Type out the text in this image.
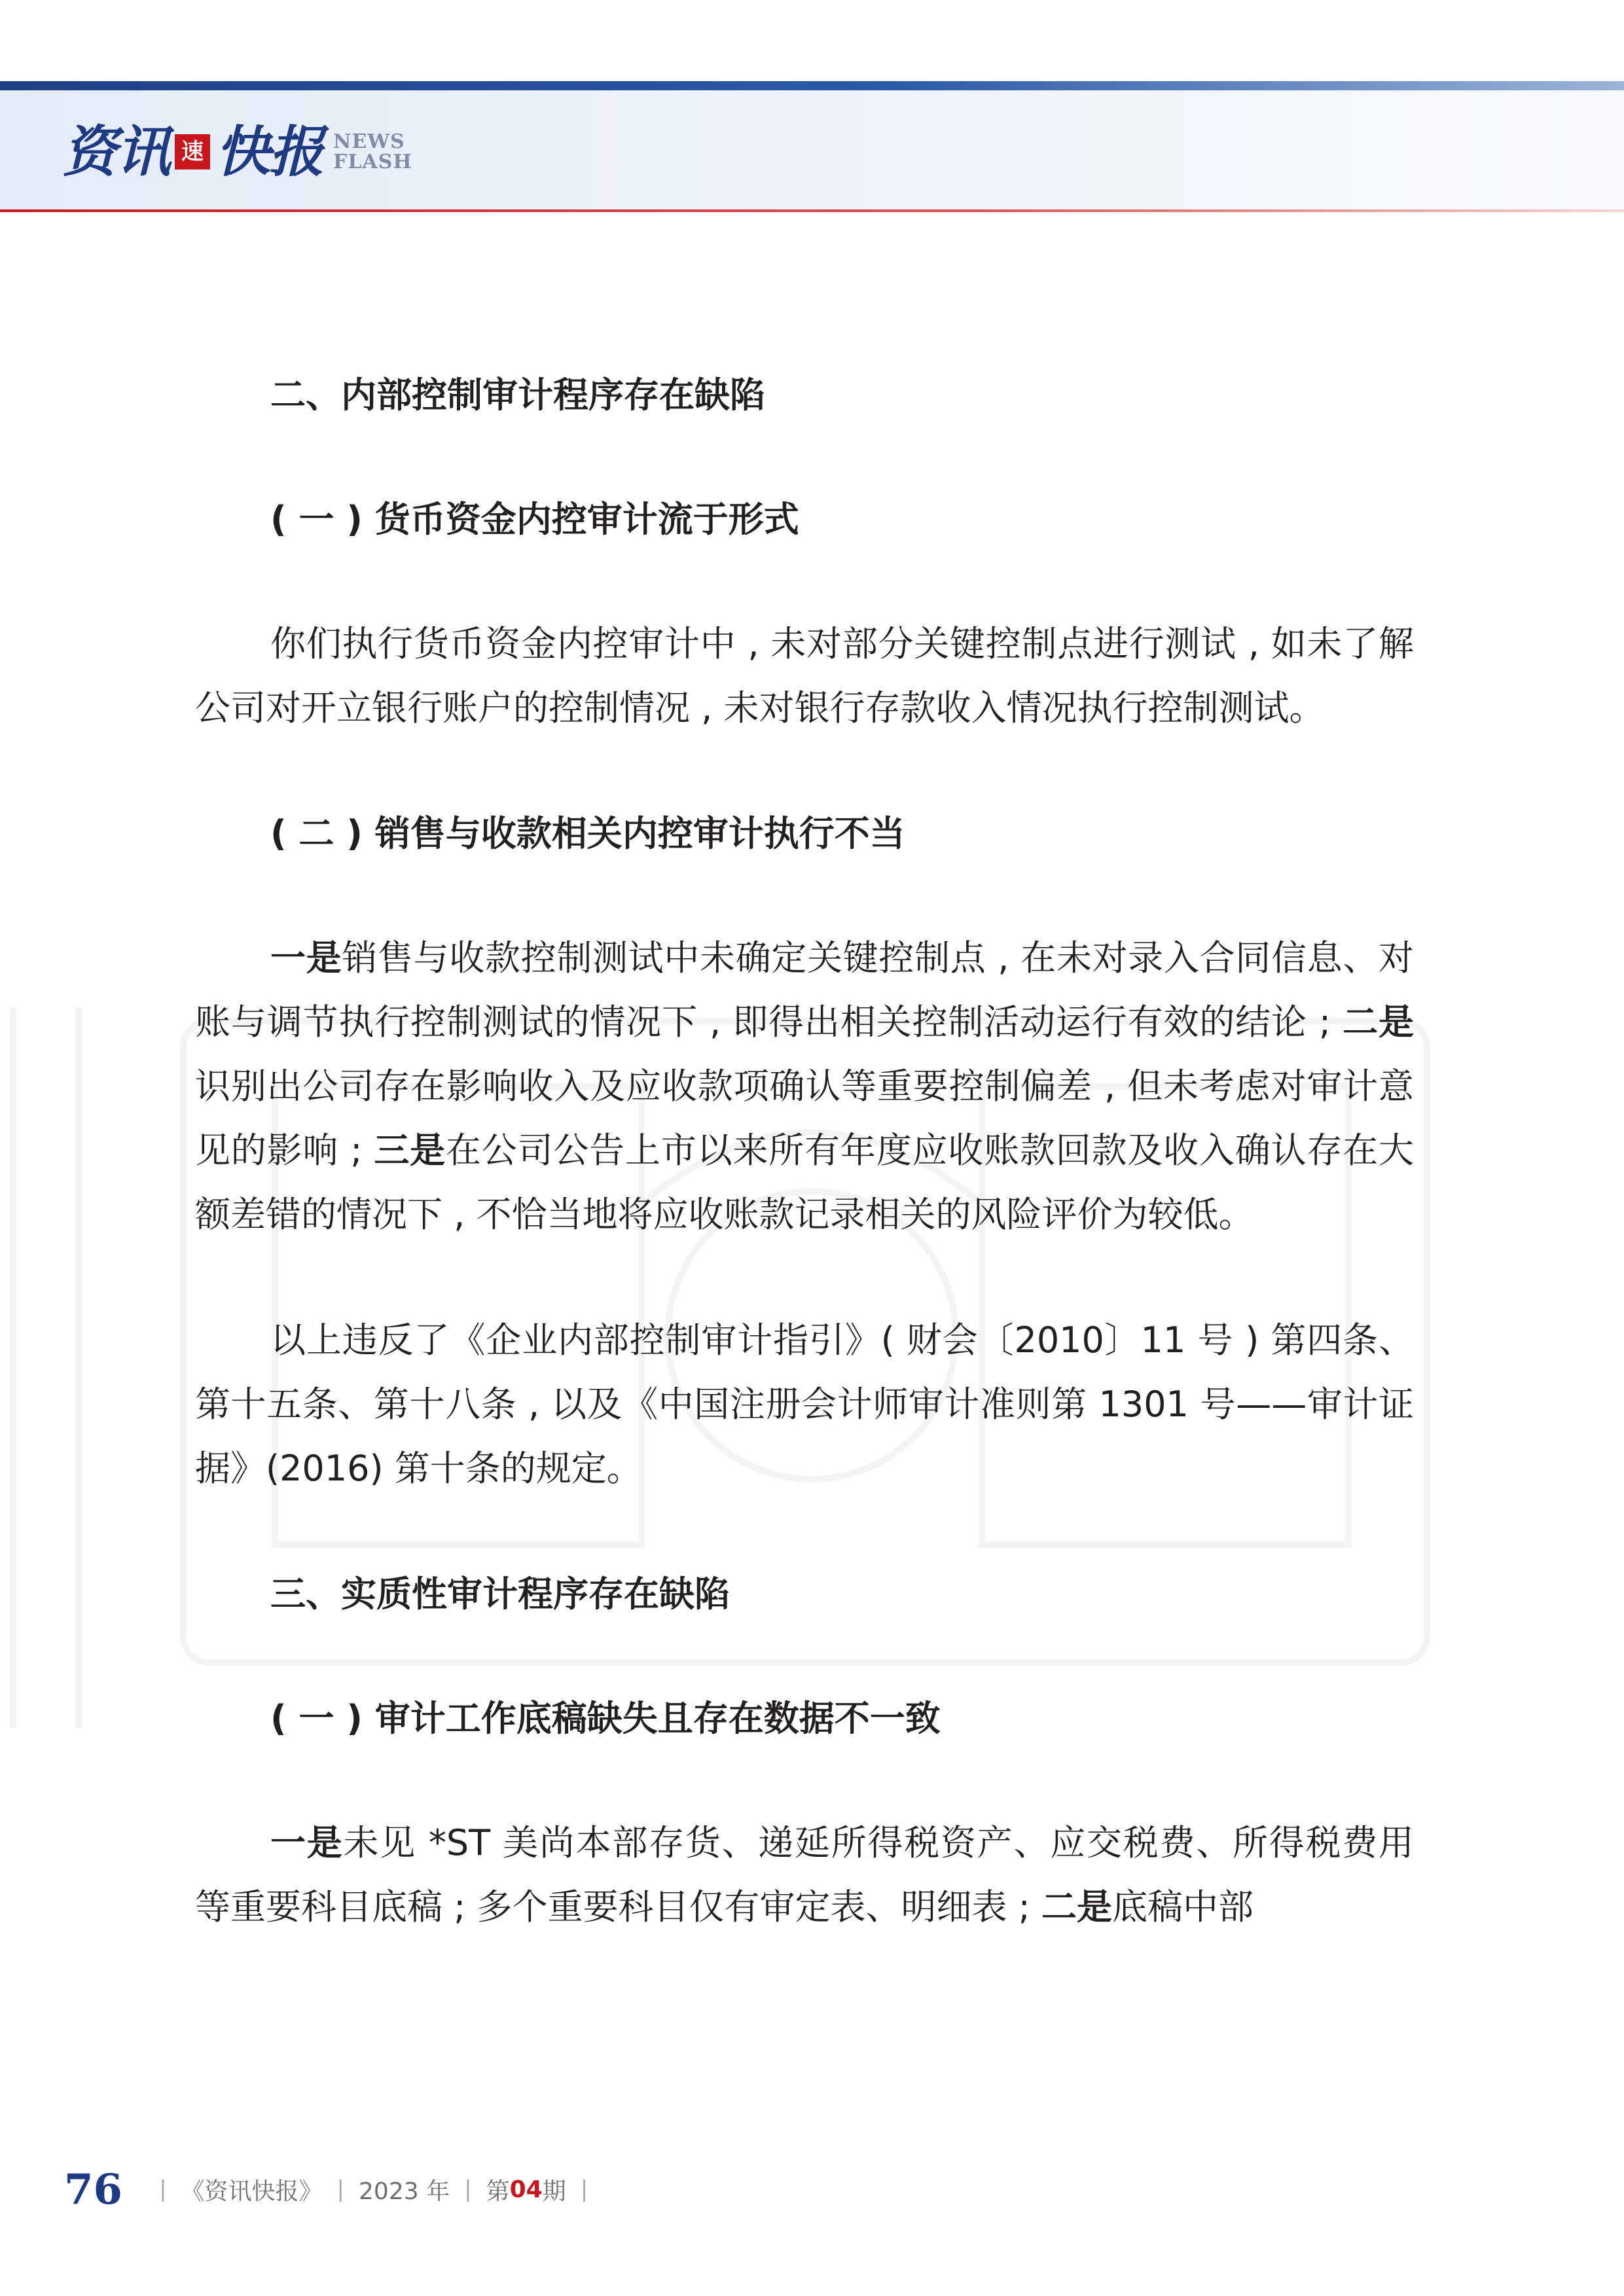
资讯 速 快报 NEWS
FLASH
二、内部控制审计程序存在缺陷
( 一 ) 货币资金内控审计流于形式

你们执行货币资金内控审计中 , 未对部分关键控制点进行测试 , 如未了解公司对开立银行账户的控制情况 , 未对银行存款收入情况执行控制测试。

( 二 ) 销售与收款相关内控审计执行不当

一是销售与收款控制测试中未确定关键控制点 , 在未对录入合同信息、对账与调节执行控制测试的情况下 , 即得出相关控制活动运行有效的结论 ; 二是识别出公司存在影响收入及应收款项确认等重要控制偏差 , 但未考虑对审计意见的影响 ; 三是在公司公告上市以来所有年度应收账款回款及收入确认存在大额差错的情况下 , 不恰当地将应收账款记录相关的风险评价为较低。

以上违反了《企业内部控制审计指引》( 财会〔2010〕11 号 ) 第四条、第十五条、第十八条 , 以及《中国注册会计师审计准则第 1301 号——审计证据》(2016) 第十条的规定。

三、实质性审计程序存在缺陷
( 一 ) 审计工作底稿缺失且存在数据不一致

一是未见 *ST 美尚本部存货、递延所得税资产、应交税费、所得税费用等重要科目底稿 ; 多个重要科目仅有审定表、明细表 ; 二是底稿中部

76 | 《资讯快报》 | 2023 年 | 第 04 期 |
